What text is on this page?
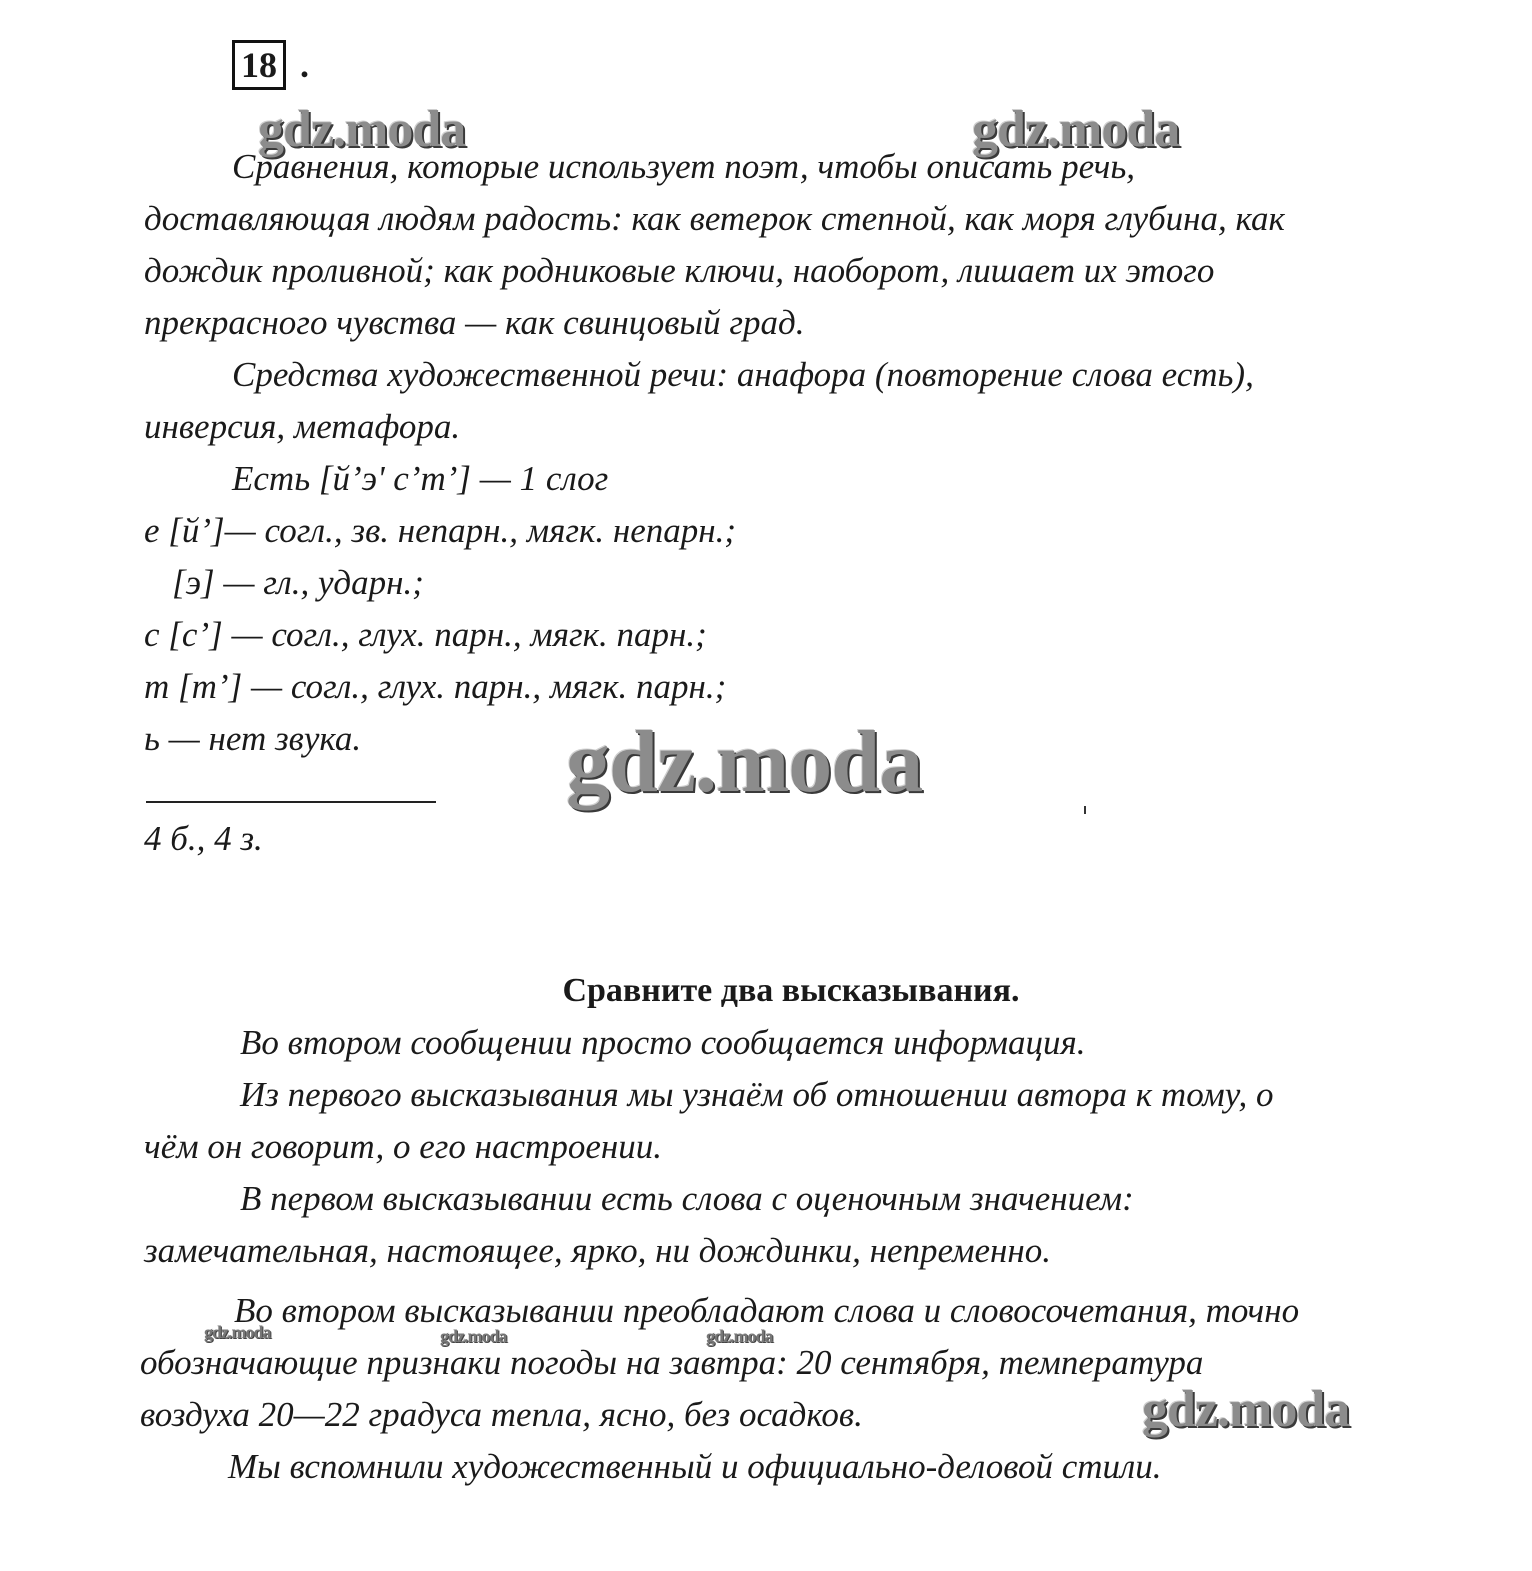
18 .
gdz.moda	gdz.moda
gdz.moda
gdz.moda
gdz.moda	gdz.moda	gdz.moda
Сравнения, которые использует поэт, чтобы описать речь,
доставляющая людям радость: как ветерок степной, как моря глубина, как
дождик проливной; как родниковые ключи, наоборот, лишает их этого
прекрасного чувства — как свинцовый град.
Средства художественной речи: анафора (повторение слова есть),
инверсия, метафора.
Есть [й’э' с’т’] — 1 слог
е [й’]— согл., зв. непарн., мягк. непарн.;
[э] — гл., ударн.;
с [с’] — согл., глух. парн., мягк. парн.;
т [т’] — согл., глух. парн., мягк. парн.;
ь — нет звука.
4 б., 4 з.
Сравните два высказывания.
Во втором сообщении просто сообщается информация.
Из первого высказывания мы узнаём об отношении автора к тому, о
чём он говорит, о его настроении.
В первом высказывании есть слова с оценочным значением:
замечательная, настоящее, ярко, ни дождинки, непременно.
Во втором высказывании преобладают слова и словосочетания, точно
обозначающие признаки погоды на завтра: 20 сентября, температура
воздуха 20—22 градуса тепла, ясно, без осадков.
Мы вспомнили художественный и официально-деловой стили.
